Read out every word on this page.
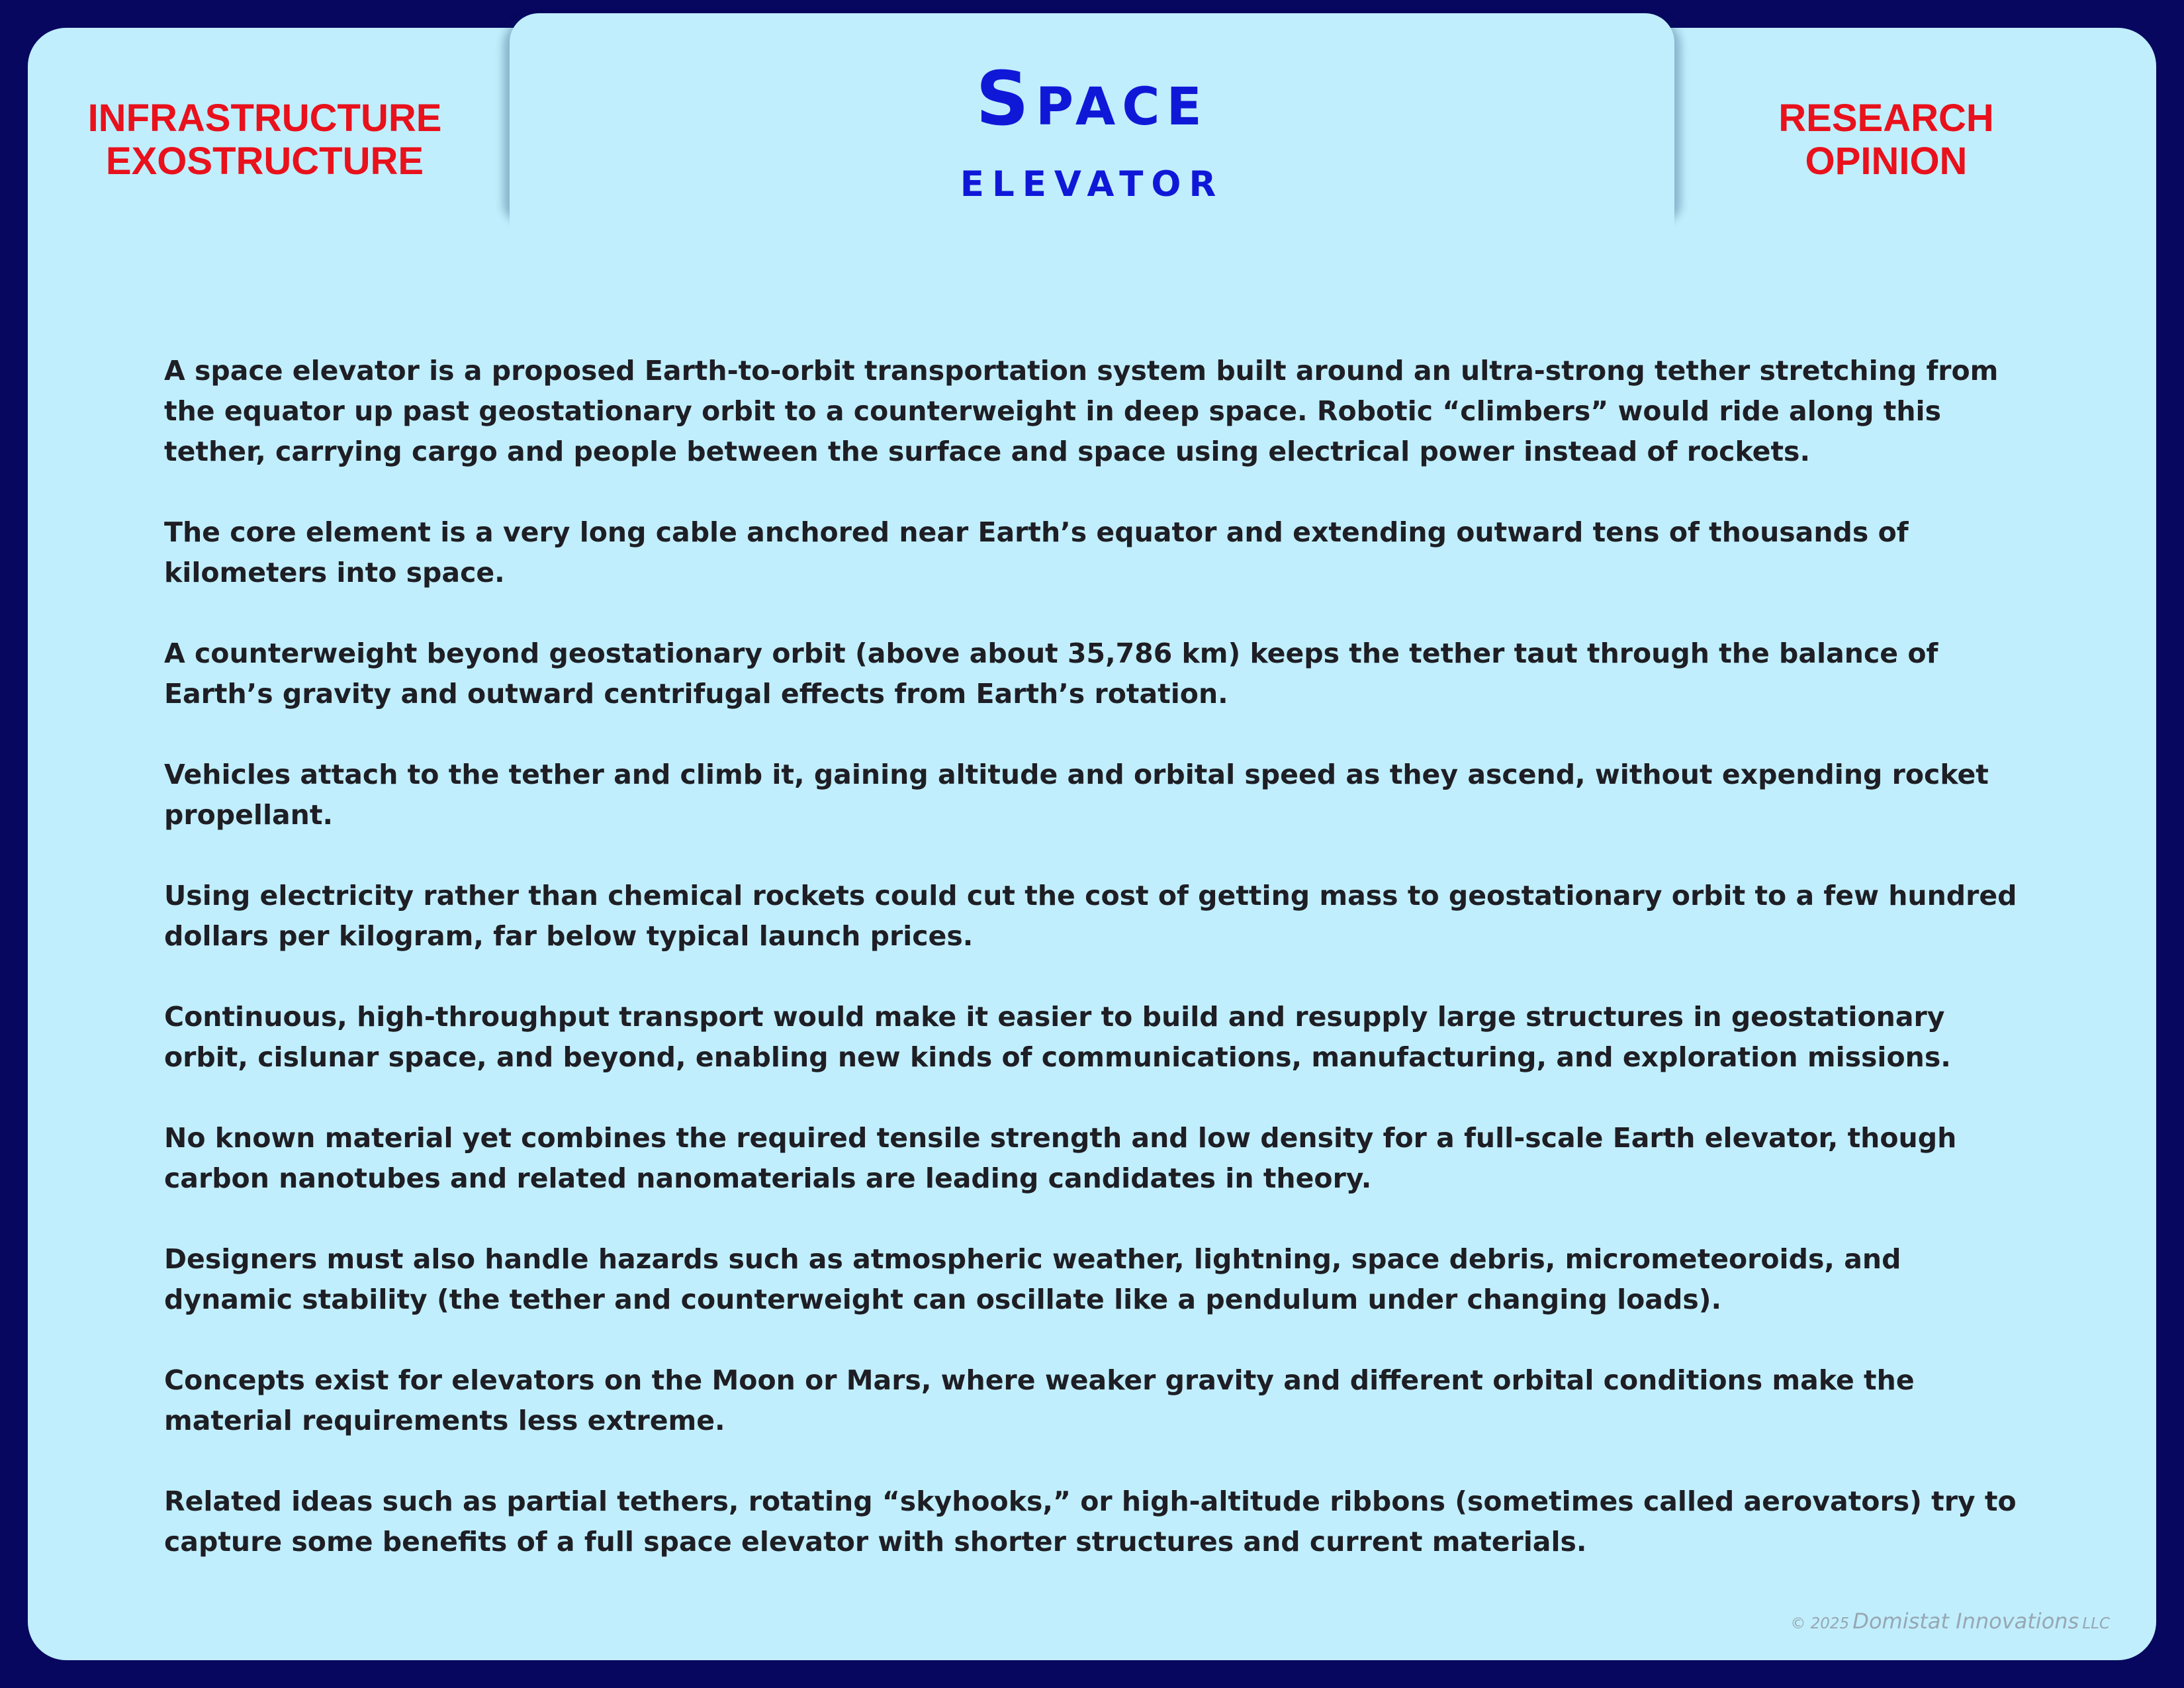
INFRASTRUCTURE
EXOSTRUCTURE
Space
elevator
RESEARCH
OPINION

A space elevator is a proposed Earth-to-orbit transportation system built around an ultra-strong tether stretching from the equator up past geostationary orbit to a counterweight in deep space. Robotic “climbers” would ride along this tether, carrying cargo and people between the surface and space using electrical power instead of rockets.

The core element is a very long cable anchored near Earth’s equator and extending outward tens of thousands of kilometers into space.

A counterweight beyond geostationary orbit (above about 35,786 km) keeps the tether taut through the balance of Earth’s gravity and outward centrifugal effects from Earth’s rotation.

Vehicles attach to the tether and climb it, gaining altitude and orbital speed as they ascend, without expending rocket propellant.

Using electricity rather than chemical rockets could cut the cost of getting mass to geostationary orbit to a few hundred dollars per kilogram, far below typical launch prices.

Continuous, high-throughput transport would make it easier to build and resupply large structures in geostationary orbit, cislunar space, and beyond, enabling new kinds of communications, manufacturing, and exploration missions.

No known material yet combines the required tensile strength and low density for a full-scale Earth elevator, though carbon nanotubes and related nanomaterials are leading candidates in theory.

Designers must also handle hazards such as atmospheric weather, lightning, space debris, micrometeoroids, and dynamic stability (the tether and counterweight can oscillate like a pendulum under changing loads).

Concepts exist for elevators on the Moon or Mars, where weaker gravity and different orbital conditions make the material requirements less extreme.

Related ideas such as partial tethers, rotating “skyhooks,” or high-altitude ribbons (sometimes called aerovators) try to capture some benefits of a full space elevator with shorter structures and current materials.

© 2025 Domistat Innovations LLC
